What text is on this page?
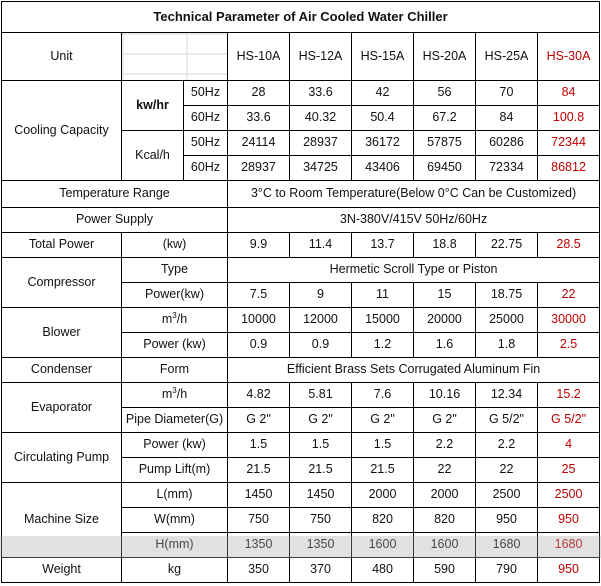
Technical Parameter of Air Cooled Water Chiller								
Unit			HS-10A	HS-12A	HS-15A	HS-20A	HS-25A	HS-30A
Cooling Capacity	kw/hr	50Hz	28	33.6	42	56	70	84
		60Hz	33.6	40.32	50.4	67.2	84	100.8
	Kcal/h	50Hz	24114	28937	36172	57875	60286	72344
		60Hz	28937	34725	43406	69450	72334	86812
Temperature Range			3°C to Room Temperature(Below 0°C Can be Customized)					
Power Supply			3N-380V/415V 50Hz/60Hz					
Total Power	(kw)		9.9	11.4	13.7	18.8	22.75	28.5
Compressor	Type		Hermetic Scroll Type or Piston					
	Power(kw)		7.5	9	11	15	18.75	22
Blower	$m^3/h$		10000	12000	15000	20000	25000	30000
	Power (kw)		0.9	0.9	1.2	1.6	1.8	2.5
Condenser	Form		Efficient Brass Sets Corrugated Aluminum Fin					
Evaporator	$m^3/h$		4.82	5.81	7.6	10.16	12.34	15.2
	Pipe Diameter(G)		G 2"	G 2"	G 2"	G 2"	G 5/2"	G 5/2"
Circulating Pump	Power (kw)		1.5	1.5	1.5	2.2	2.2	4
	Pump Lift(m)		21.5	21.5	21.5	22	22	25
Machine Size	L(mm)		1450	1450	2000	2000	2500	2500
	W(mm)		750	750	820	820	950	950
	H(mm)		1350	1350	1600	1600	1680	1680
Weight	kg		350	370	480	590	790	950
